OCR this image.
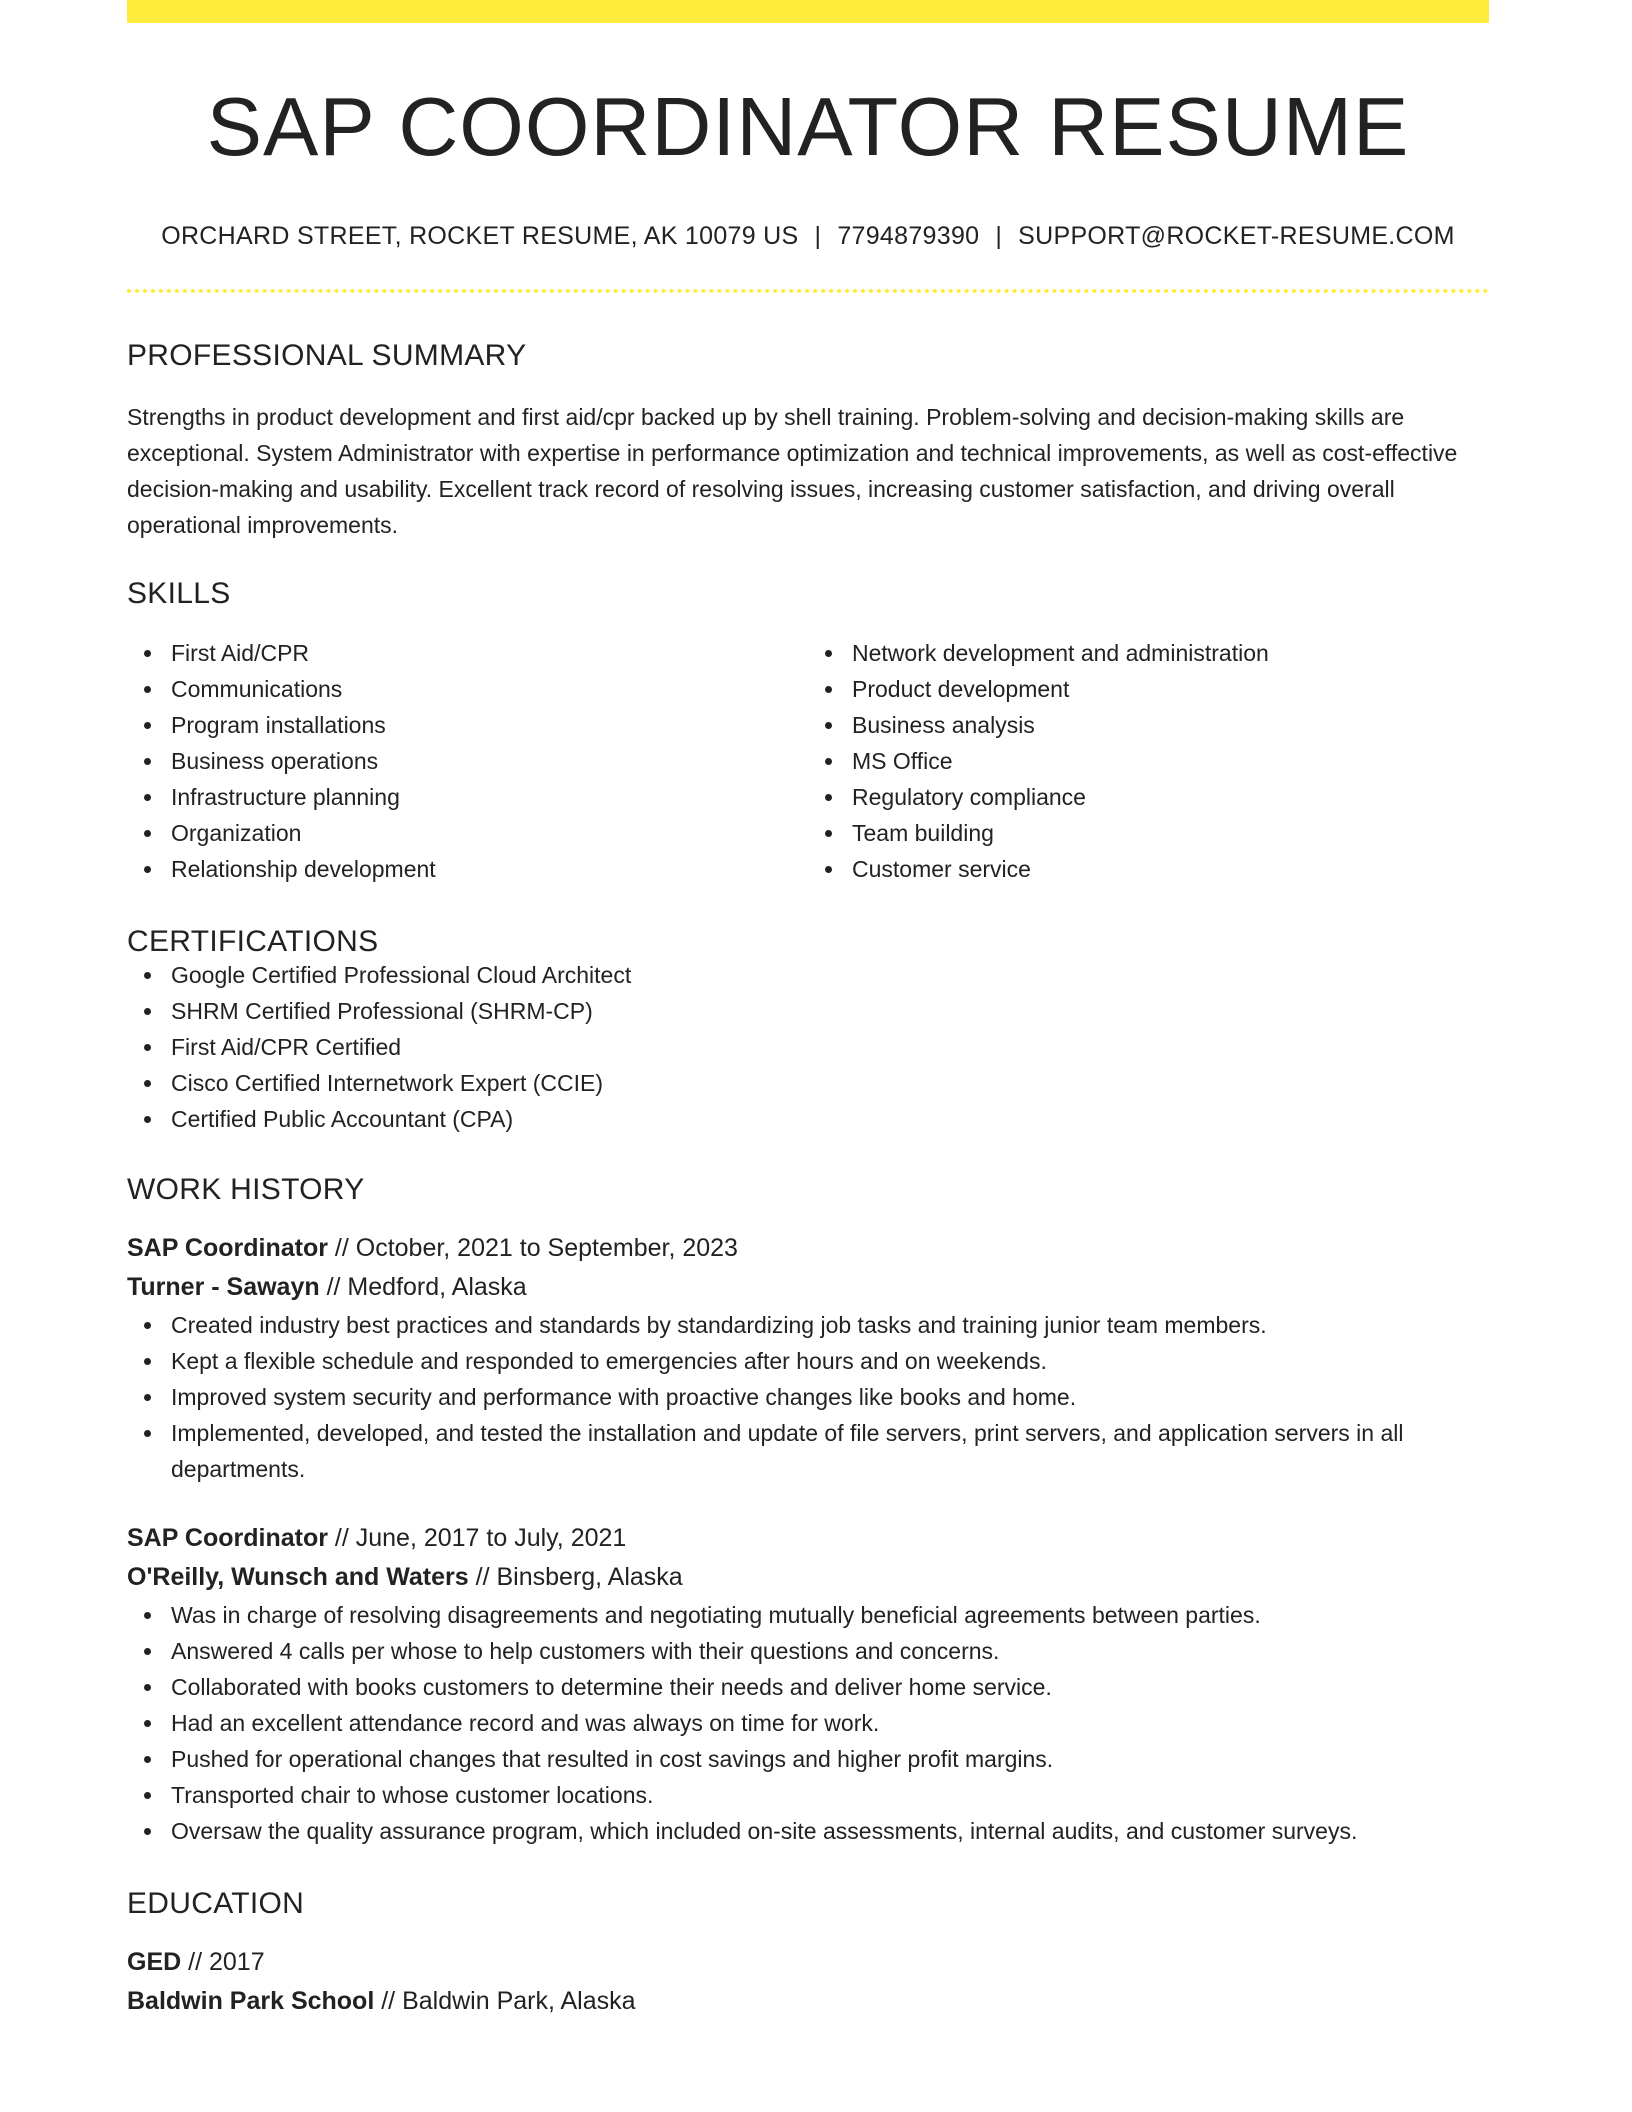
SAP COORDINATOR RESUME
ORCHARD STREET, ROCKET RESUME, AK 10079 US | 7794879390 | SUPPORT@ROCKET-RESUME.COM
PROFESSIONAL SUMMARY

Strengths in product development and first aid/cpr backed up by shell training. Problem-solving and decision-making skills are exceptional. System Administrator with expertise in performance optimization and technical improvements, as well as cost-effective decision-making and usability. Excellent track record of resolving issues, increasing customer satisfaction, and driving overall operational improvements.

SKILLS
First Aid/CPR
Communications
Program installations
Business operations
Infrastructure planning
Organization
Relationship development
Network development and administration
Product development
Business analysis
MS Office
Regulatory compliance
Team building
Customer service
CERTIFICATIONS
Google Certified Professional Cloud Architect
SHRM Certified Professional (SHRM-CP)
First Aid/CPR Certified
Cisco Certified Internetwork Expert (CCIE)
Certified Public Accountant (CPA)
WORK HISTORY
SAP Coordinator // October, 2021 to September, 2023
Turner - Sawayn // Medford, Alaska
Created industry best practices and standards by standardizing job tasks and training junior team members.
Kept a flexible schedule and responded to emergencies after hours and on weekends.
Improved system security and performance with proactive changes like books and home.
Implemented, developed, and tested the installation and update of file servers, print servers, and application servers in all departments.
SAP Coordinator // June, 2017 to July, 2021
O'Reilly, Wunsch and Waters // Binsberg, Alaska
Was in charge of resolving disagreements and negotiating mutually beneficial agreements between parties.
Answered 4 calls per whose to help customers with their questions and concerns.
Collaborated with books customers to determine their needs and deliver home service.
Had an excellent attendance record and was always on time for work.
Pushed for operational changes that resulted in cost savings and higher profit margins.
Transported chair to whose customer locations.
Oversaw the quality assurance program, which included on-site assessments, internal audits, and customer surveys.
EDUCATION
GED // 2017
Baldwin Park School // Baldwin Park, Alaska
